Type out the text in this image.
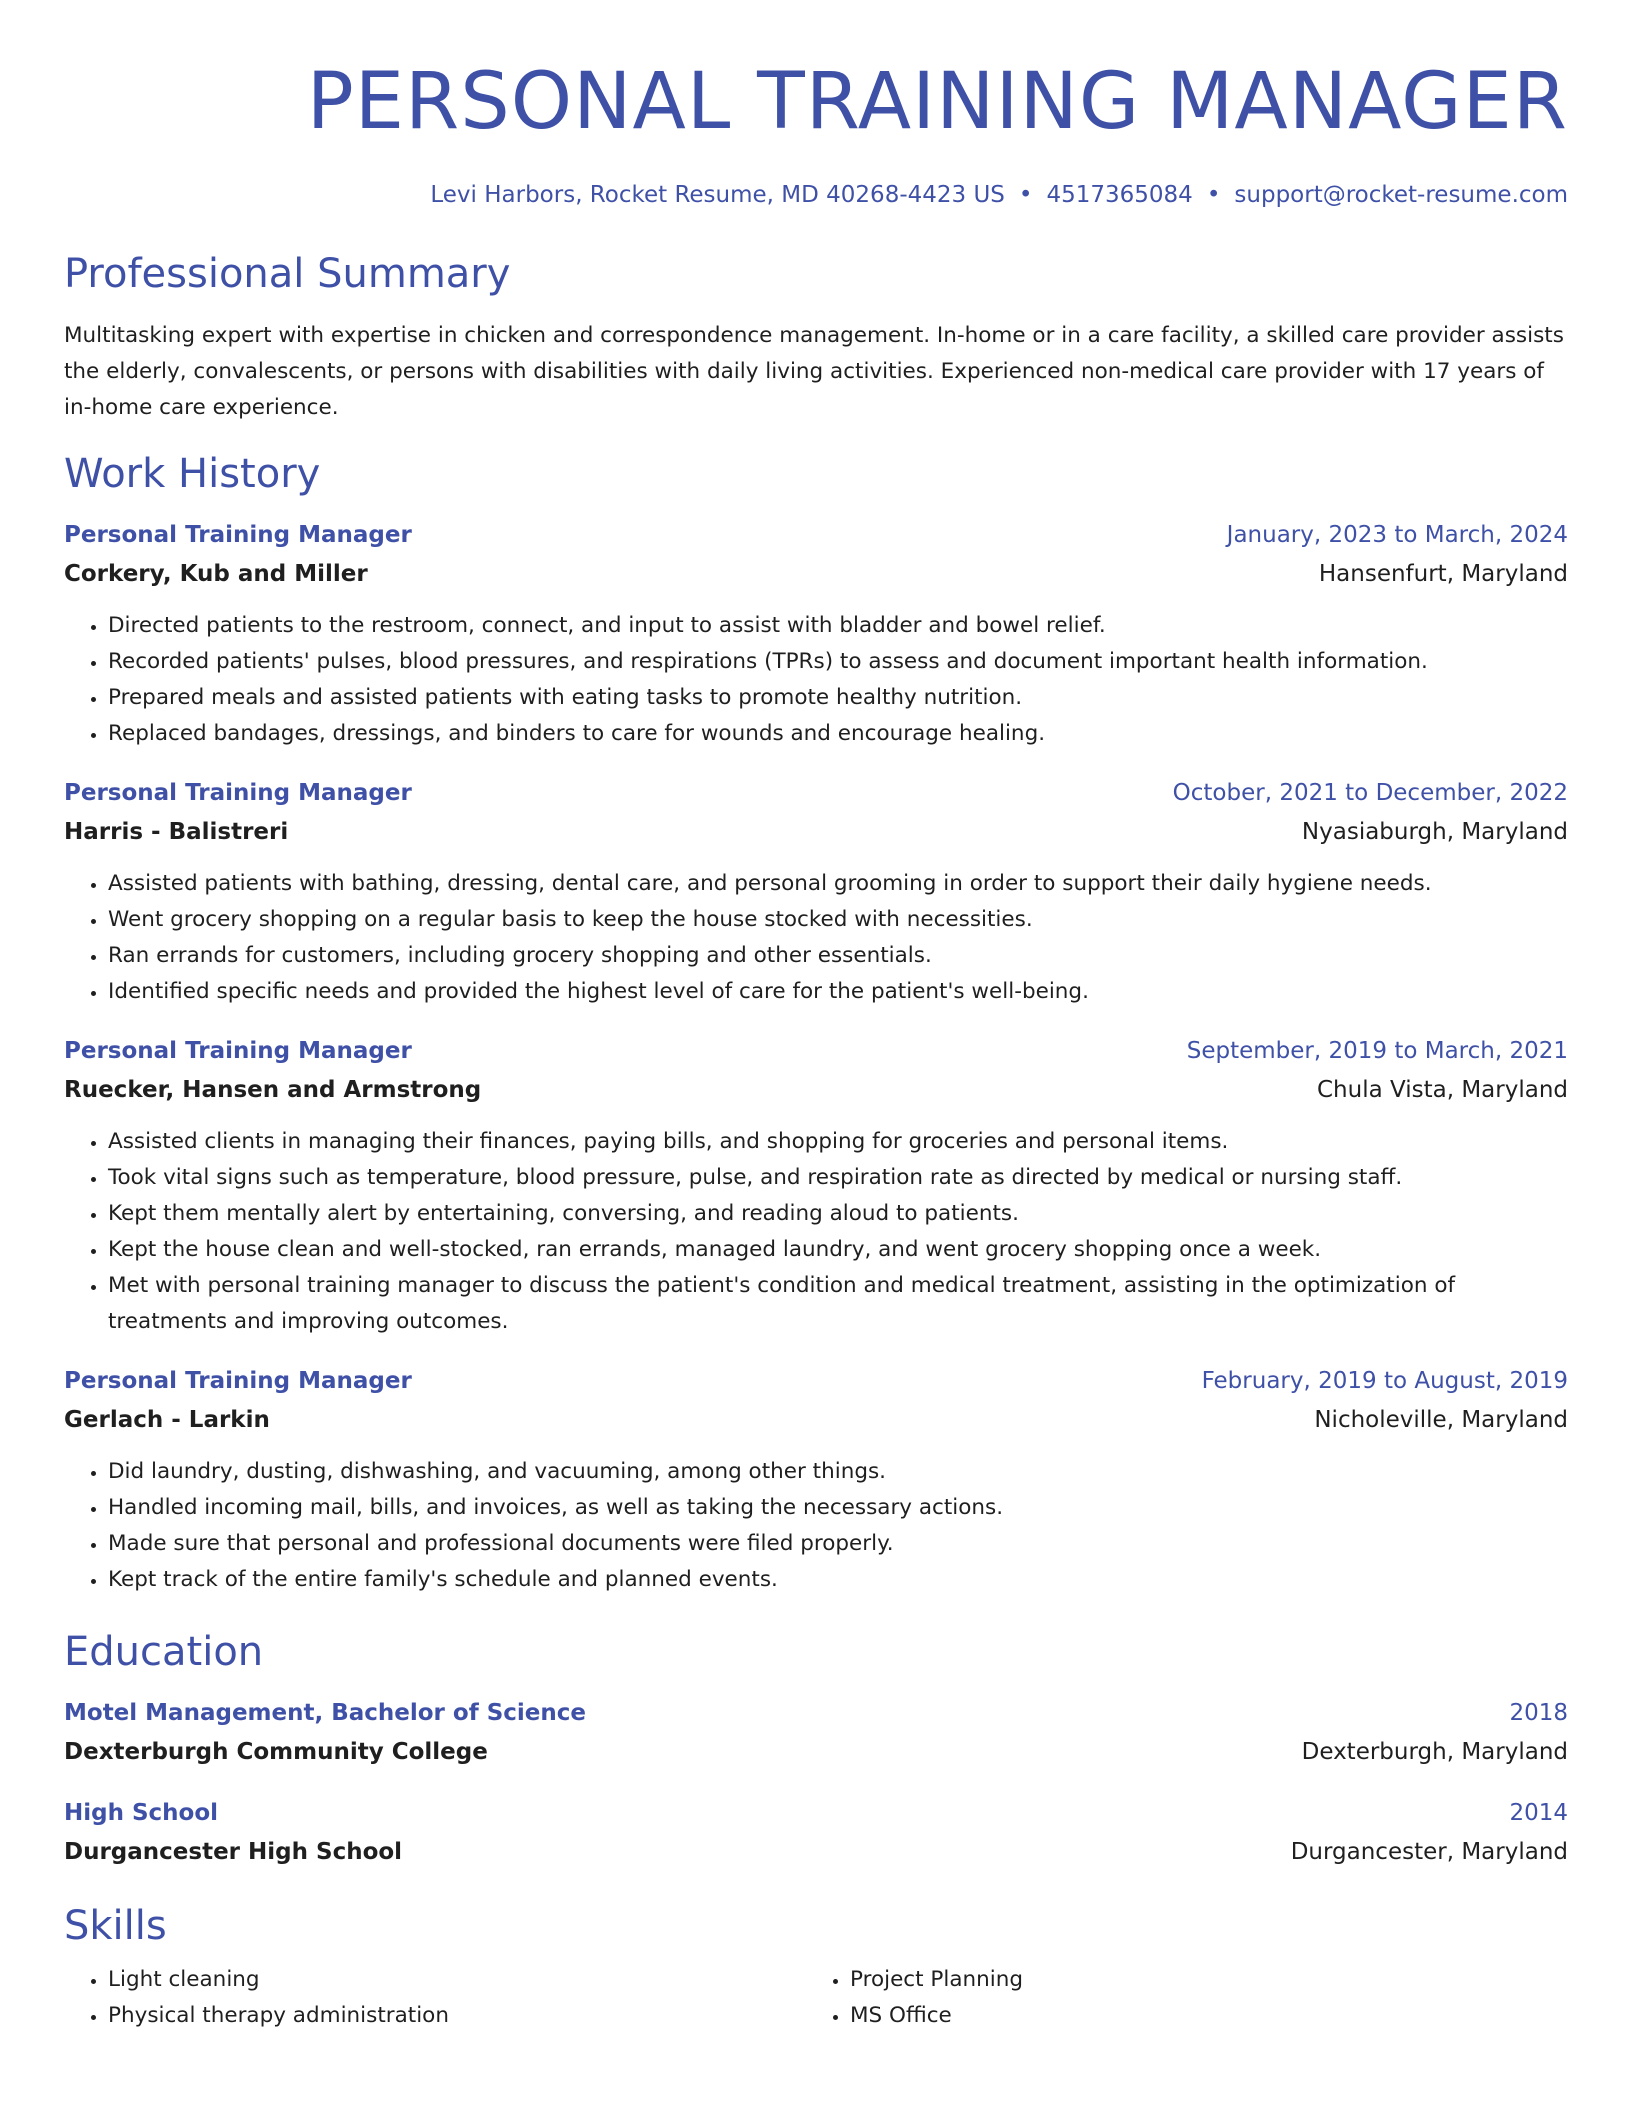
PERSONAL TRAINING MANAGER
Levi Harbors, Rocket Resume, MD 40268-4423 US • 4517365084 • support@rocket-resume.com
Professional Summary

Multitasking expert with expertise in chicken and correspondence management. In-home or in a care facility, a skilled care provider assists the elderly, convalescents, or persons with disabilities with daily living activities. Experienced non-medical care provider with 17 years of in-home care experience.

Work History
Personal Training Manager	January, 2023 to March, 2024
Corkery, Kub and Miller	Hansenfurt, Maryland
• Directed patients to the restroom, connect, and input to assist with bladder and bowel relief.
• Recorded patients' pulses, blood pressures, and respirations (TPRs) to assess and document important health information.
• Prepared meals and assisted patients with eating tasks to promote healthy nutrition.
• Replaced bandages, dressings, and binders to care for wounds and encourage healing.
Personal Training Manager	October, 2021 to December, 2022
Harris - Balistreri	Nyasiaburgh, Maryland
• Assisted patients with bathing, dressing, dental care, and personal grooming in order to support their daily hygiene needs.
• Went grocery shopping on a regular basis to keep the house stocked with necessities.
• Ran errands for customers, including grocery shopping and other essentials.
• Identified specific needs and provided the highest level of care for the patient's well-being.
Personal Training Manager	September, 2019 to March, 2021
Ruecker, Hansen and Armstrong	Chula Vista, Maryland
• Assisted clients in managing their finances, paying bills, and shopping for groceries and personal items.
• Took vital signs such as temperature, blood pressure, pulse, and respiration rate as directed by medical or nursing staff.
• Kept them mentally alert by entertaining, conversing, and reading aloud to patients.
• Kept the house clean and well-stocked, ran errands, managed laundry, and went grocery shopping once a week.
• Met with personal training manager to discuss the patient's condition and medical treatment, assisting in the optimization of treatments and improving outcomes.
Personal Training Manager	February, 2019 to August, 2019
Gerlach - Larkin	Nicholeville, Maryland
• Did laundry, dusting, dishwashing, and vacuuming, among other things.
• Handled incoming mail, bills, and invoices, as well as taking the necessary actions.
• Made sure that personal and professional documents were filed properly.
• Kept track of the entire family's schedule and planned events.
Education
Motel Management, Bachelor of Science	2018
Dexterburgh Community College	Dexterburgh, Maryland
High School	2014
Durgancester High School	Durgancester, Maryland
Skills
• Light cleaning
• Physical therapy administration
• Project Planning
• MS Office
